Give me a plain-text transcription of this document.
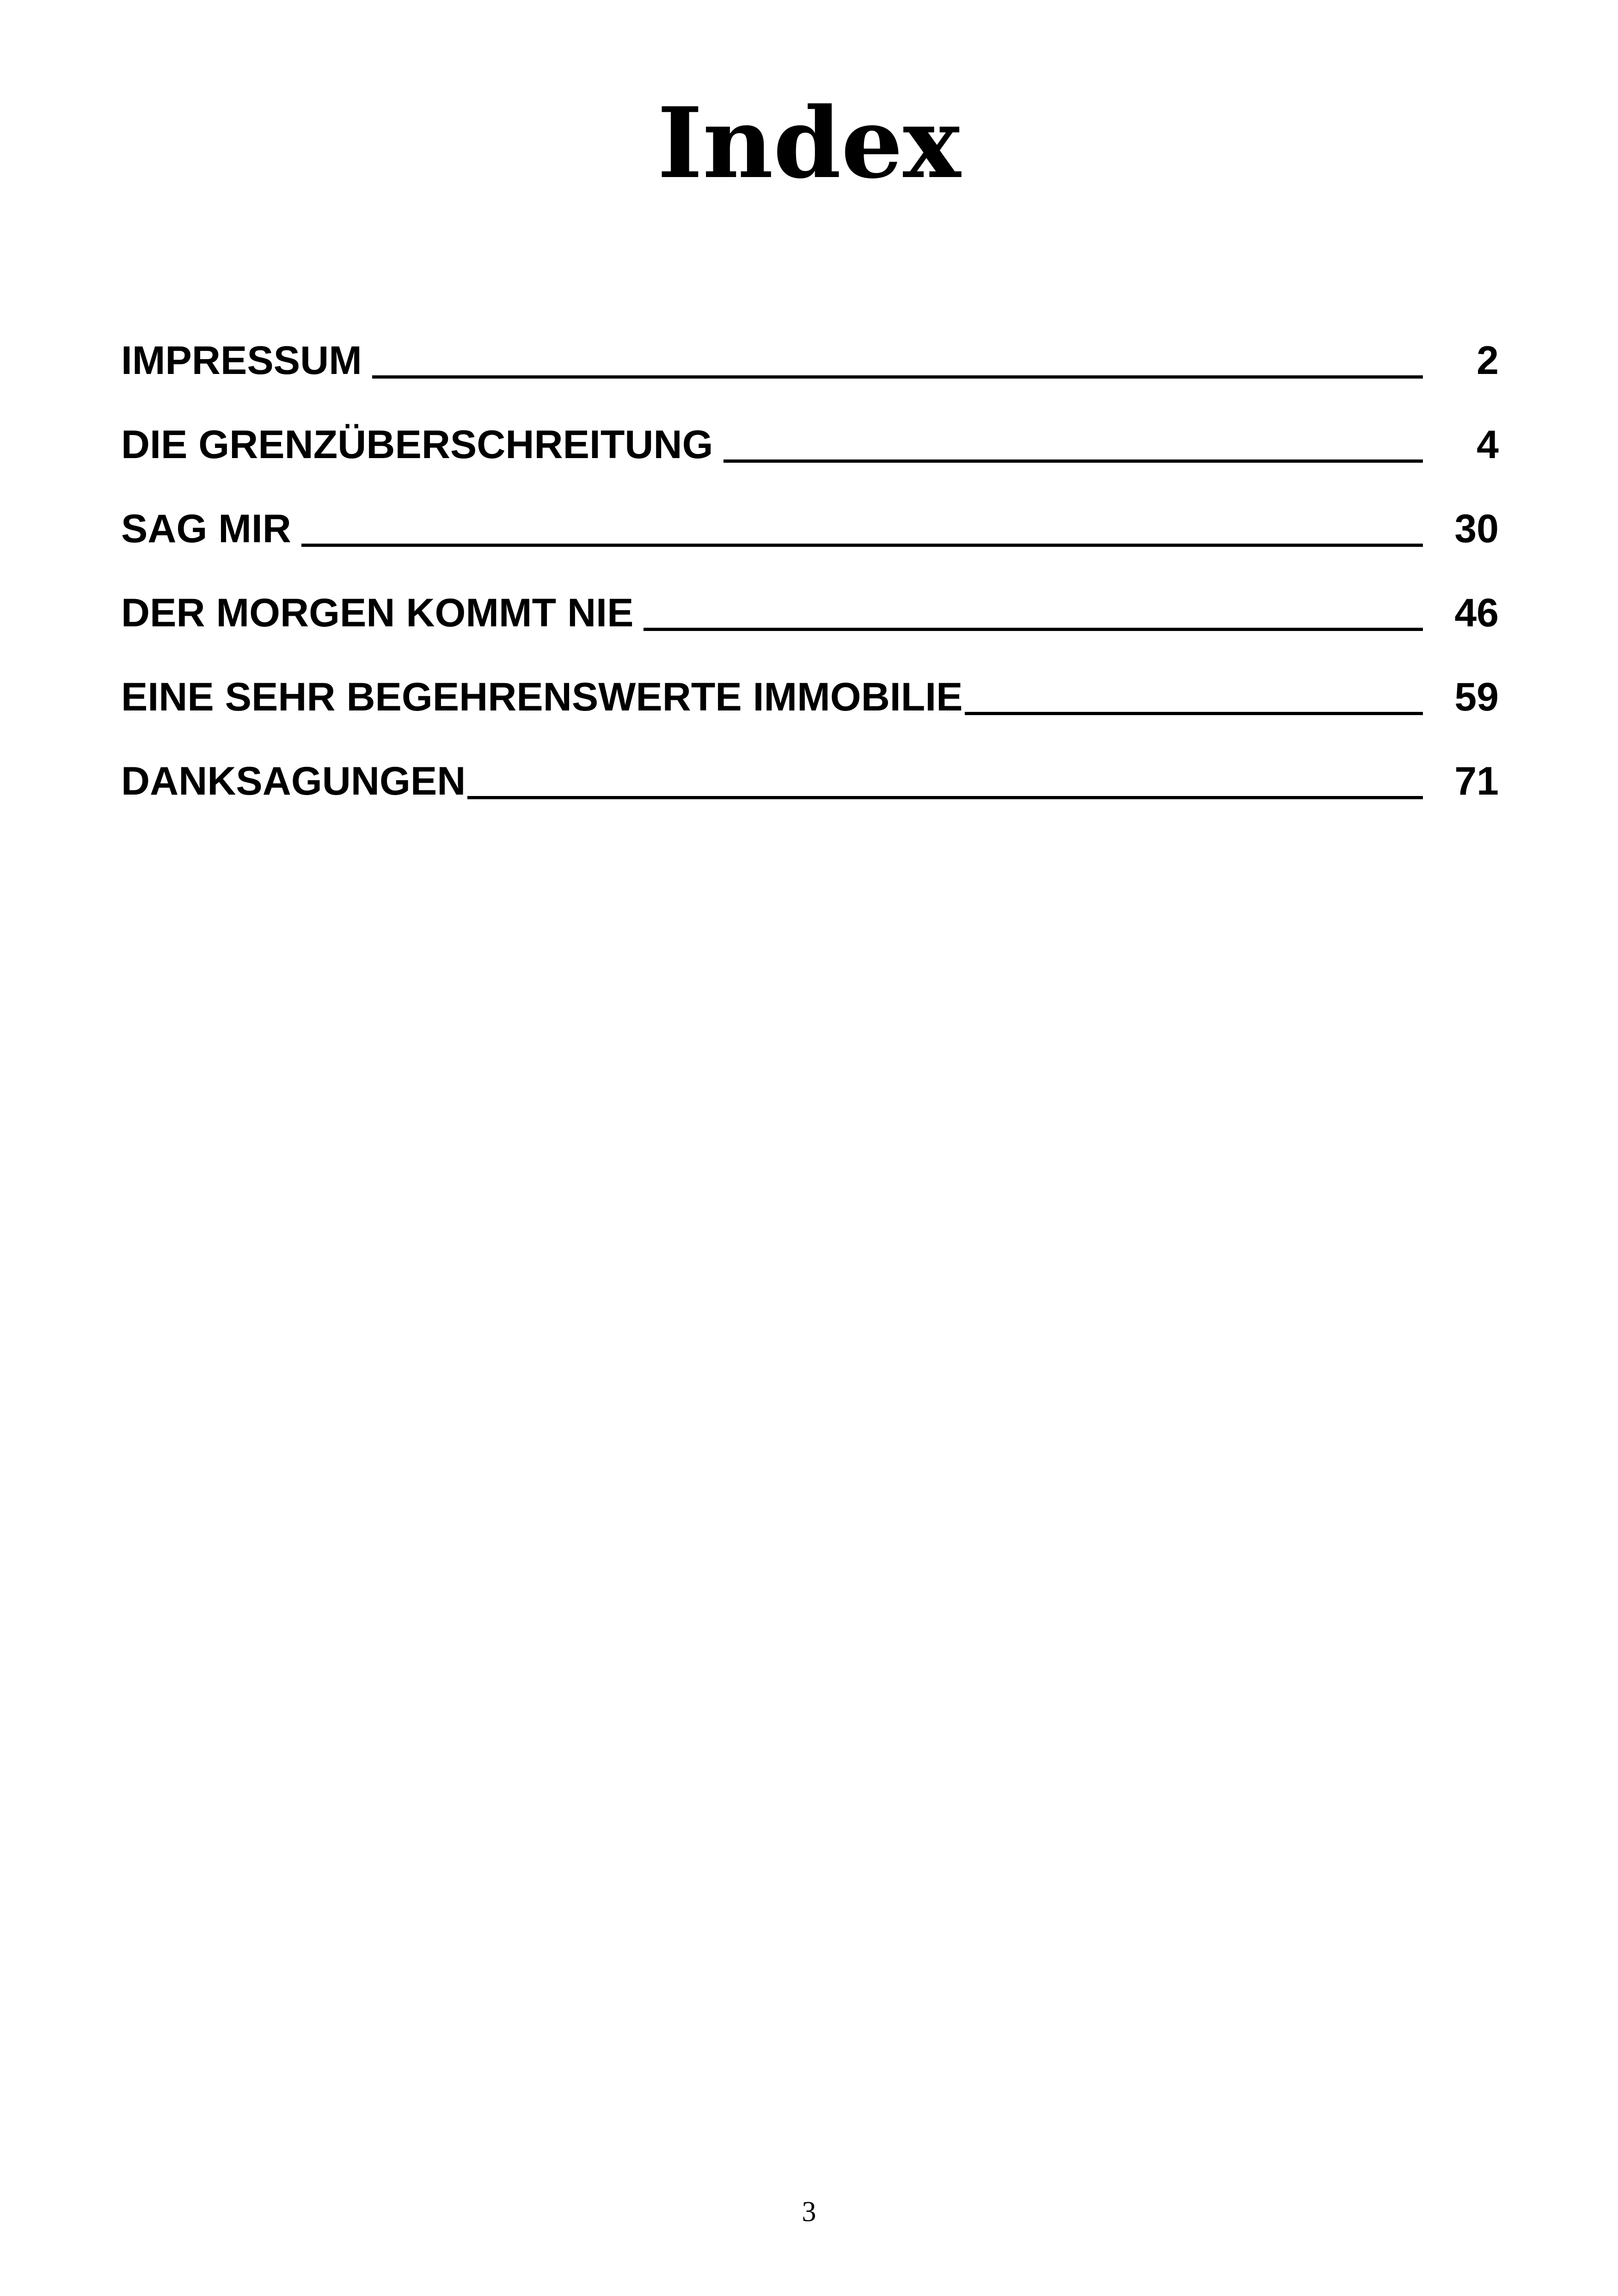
Index
IMPRESSUM	2
DIE GRENZÜBERSCHREITUNG	4
SAG MIR	30
DER MORGEN KOMMT NIE	46
EINE SEHR BEGEHRENSWERTE IMMOBILIE	59
DANKSAGUNGEN	71
3
